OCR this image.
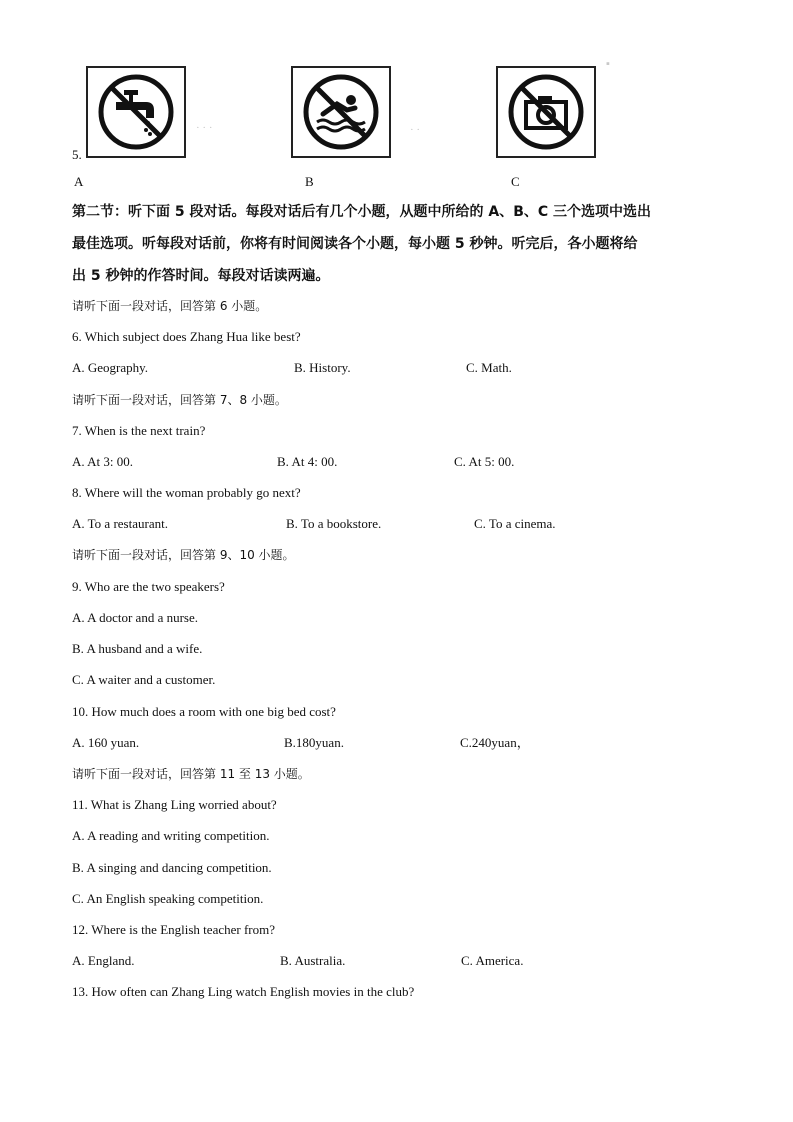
· · ·	· ·
▪
5.
A	B	C
第二节：听下面 5 段对话。每段对话后有几个小题，从题中所给的 A、B、C 三个选项中选出
最佳选项。听每段对话前，你将有时间阅读各个小题，每小题 5 秒钟。听完后，各小题将给
出 5 秒钟的作答时间。每段对话读两遍。
请听下面一段对话，回答第 6 小题。
6. Which subject does Zhang Hua like best?
A. Geography.	B. History.	C. Math.
请听下面一段对话，回答第 7、8 小题。
7. When is the next train?
A. At 3: 00.	B. At 4: 00.	C. At 5: 00.
8. Where will the woman probably go next?
A. To a restaurant.	B. To a bookstore.	C. To a cinema.
请听下面一段对话，回答第 9、10 小题。
9. Who are the two speakers?
A. A doctor and a nurse.
B. A husband and a wife.
C. A waiter and a customer.
10. How much does a room with one big bed cost?
A. 160 yuan.	B.180yuan.	C.240yuan，
请听下面一段对话，回答第 11 至 13 小题。
11. What is Zhang Ling worried about?
A. A reading and writing competition.
B. A singing and dancing competition.
C. An English speaking competition.
12. Where is the English teacher from?
A. England.	B. Australia.	C. America.
13. How often can Zhang Ling watch English movies in the club?
